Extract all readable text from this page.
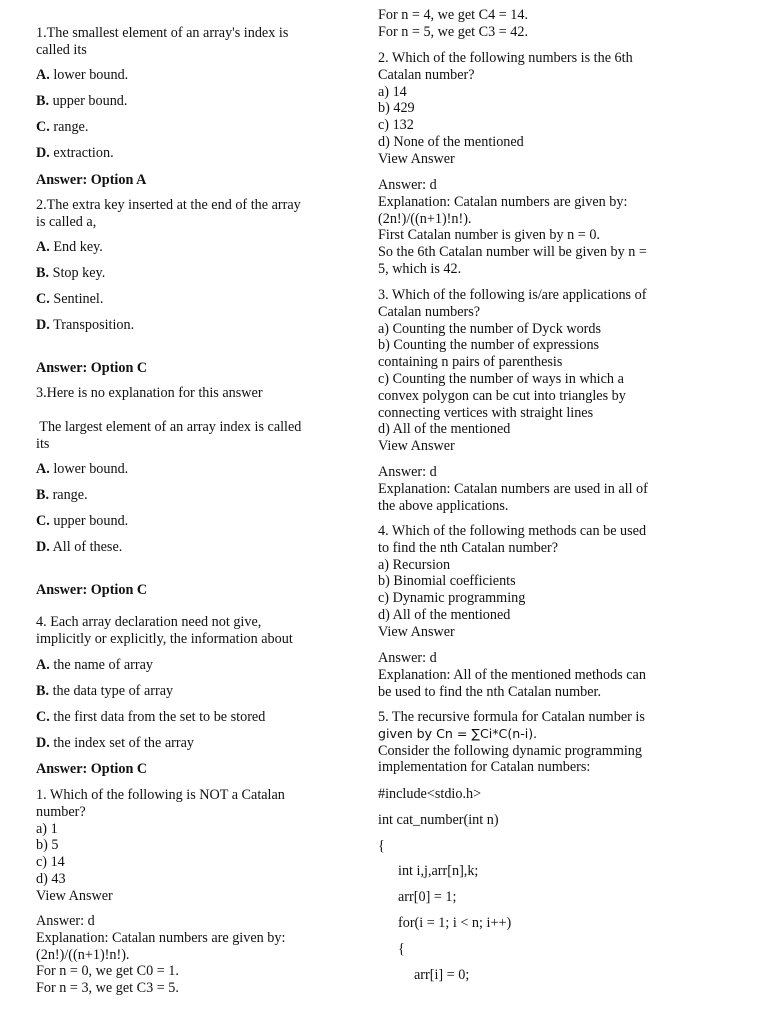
1.The smallest element of an array's index is
called its
A. lower bound.
B. upper bound.
C. range.
D. extraction.
Answer: Option A
2.The extra key inserted at the end of the array
is called a,
A. End key.
B. Stop key.
C. Sentinel.
D. Transposition.
Answer: Option C
3.Here is no explanation for this answer
The largest element of an array index is called
its
A. lower bound.
B. range.
C. upper bound.
D. All of these.
Answer: Option C
4. Each array declaration need not give,
implicitly or explicitly, the information about
A. the name of array
B. the data type of array
C. the first data from the set to be stored
D. the index set of the array
Answer: Option C
1. Which of the following is NOT a Catalan
number?
a) 1
b) 5
c) 14
d) 43
View Answer
Answer: d
Explanation: Catalan numbers are given by:
(2n!)/((n+1)!n!).
For n = 0, we get C0 = 1.
For n = 3, we get C3 = 5.
For n = 4, we get C4 = 14.
For n = 5, we get C3 = 42.
2. Which of the following numbers is the 6th
Catalan number?
a) 14
b) 429
c) 132
d) None of the mentioned
View Answer
Answer: d
Explanation: Catalan numbers are given by:
(2n!)/((n+1)!n!).
First Catalan number is given by n = 0.
So the 6th Catalan number will be given by n =
5, which is 42.
3. Which of the following is/are applications of
Catalan numbers?
a) Counting the number of Dyck words
b) Counting the number of expressions
containing n pairs of parenthesis
c) Counting the number of ways in which a
convex polygon can be cut into triangles by
connecting vertices with straight lines
d) All of the mentioned
View Answer
Answer: d
Explanation: Catalan numbers are used in all of
the above applications.
4. Which of the following methods can be used
to find the nth Catalan number?
a) Recursion
b) Binomial coefficients
c) Dynamic programming
d) All of the mentioned
View Answer
Answer: d
Explanation: All of the mentioned methods can
be used to find the nth Catalan number.
5. The recursive formula for Catalan number is
given by Cn = ∑Ci*C(n-i).
Consider the following dynamic programming
implementation for Catalan numbers:
#include<stdio.h>
int cat_number(int n)
{
int i,j,arr[n],k;
arr[0] = 1;
for(i = 1; i < n; i++)
{
arr[i] = 0;
